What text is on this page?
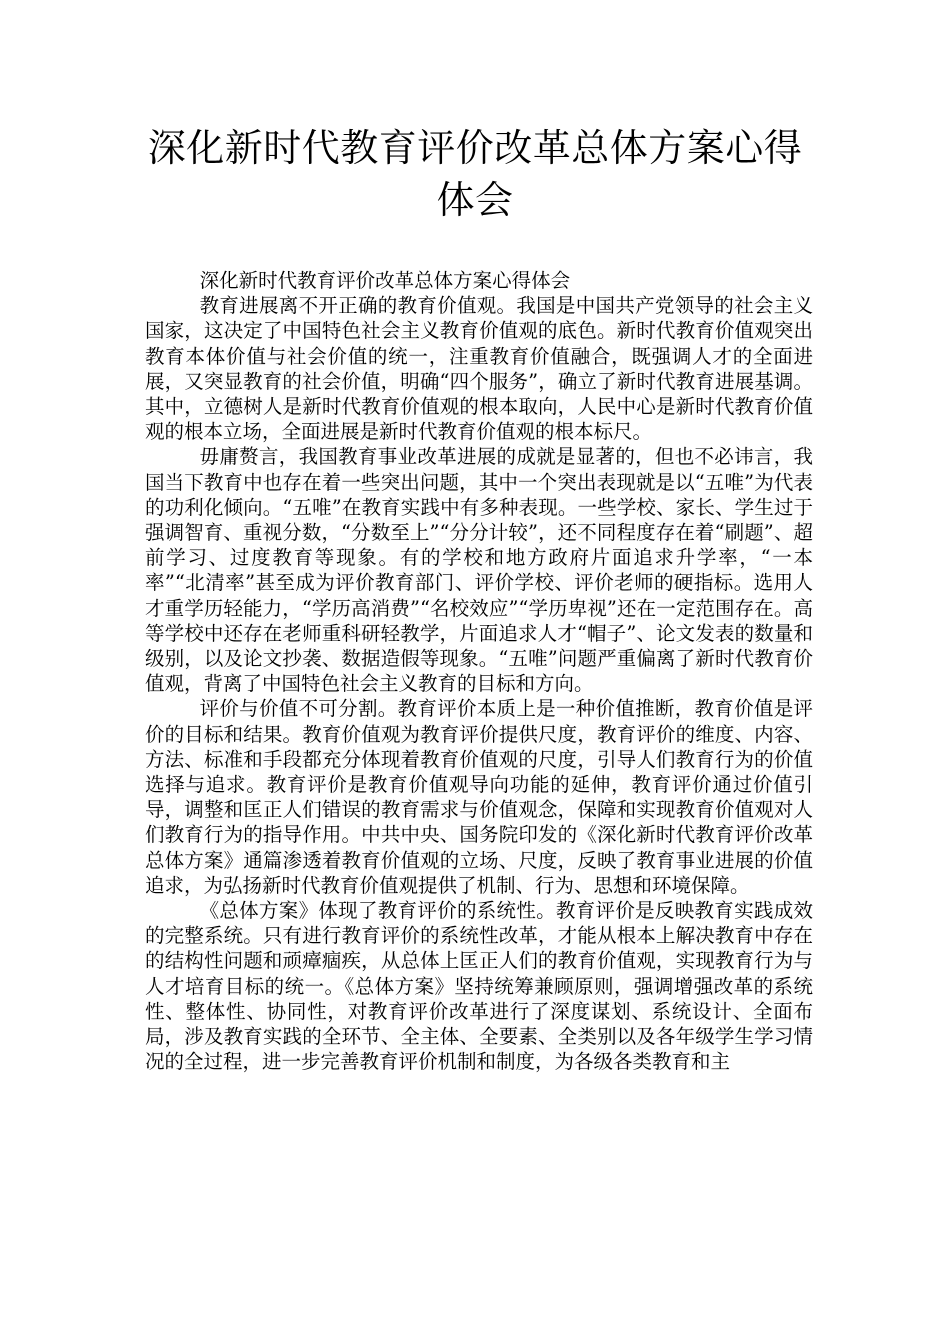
深化新时代教育评价改革总体方案心得体会

深化新时代教育评价改革总体方案心得体会

教育进展离不开正确的教育价值观。我国是中国共产党领导的社会主义国家，这决定了中国特色社会主义教育价值观的底色。新时代教育价值观突出教育本体价值与社会价值的统一，注重教育价值融合，既强调人才的全面进展，又突显教育的社会价值，明确“四个服务”，确立了新时代教育进展基调。其中，立德树人是新时代教育价值观的根本取向，人民中心是新时代教育价值观的根本立场，全面进展是新时代教育价值观的根本标尺。

毋庸赘言，我国教育事业改革进展的成就是显著的，但也不必讳言，我国当下教育中也存在着一些突出问题，其中一个突出表现就是以“五唯”为代表的功利化倾向。“五唯”在教育实践中有多种表现。一些学校、家长、学生过于强调智育、重视分数，“分数至上”“分分计较”，还不同程度存在着“刷题”、超前学习、过度教育等现象。有的学校和地方政府片面追求升学率，“一本率”“北清率”甚至成为评价教育部门、评价学校、评价老师的硬指标。选用人才重学历轻能力，“学历高消费”“名校效应”“学历卑视”还在一定范围存在。高等学校中还存在老师重科研轻教学，片面追求人才“帽子”、论文发表的数量和级别，以及论文抄袭、数据造假等现象。“五唯”问题严重偏离了新时代教育价值观，背离了中国特色社会主义教育的目标和方向。

评价与价值不可分割。教育评价本质上是一种价值推断，教育价值是评价的目标和结果。教育价值观为教育评价提供尺度，教育评价的维度、内容、方法、标准和手段都充分体现着教育价值观的尺度，引导人们教育行为的价值选择与追求。教育评价是教育价值观导向功能的延伸，教育评价通过价值引导，调整和匡正人们错误的教育需求与价值观念，保障和实现教育价值观对人们教育行为的指导作用。中共中央、国务院印发的《深化新时代教育评价改革总体方案》通篇渗透着教育价值观的立场、尺度，反映了教育事业进展的价值追求，为弘扬新时代教育价值观提供了机制、行为、思想和环境保障。

《总体方案》体现了教育评价的系统性。教育评价是反映教育实践成效的完整系统。只有进行教育评价的系统性改革，才能从根本上解决教育中存在的结构性问题和顽瘴痼疾，从总体上匡正人们的教育价值观，实现教育行为与人才培育目标的统一。《总体方案》坚持统筹兼顾原则，强调增强改革的系统性、整体性、协同性，对教育评价改革进行了深度谋划、系统设计、全面布局，涉及教育实践的全环节、全主体、全要素、全类别以及各年级学生学习情况的全过程，进一步完善教育评价机制和制度，为各级各类教育和主
